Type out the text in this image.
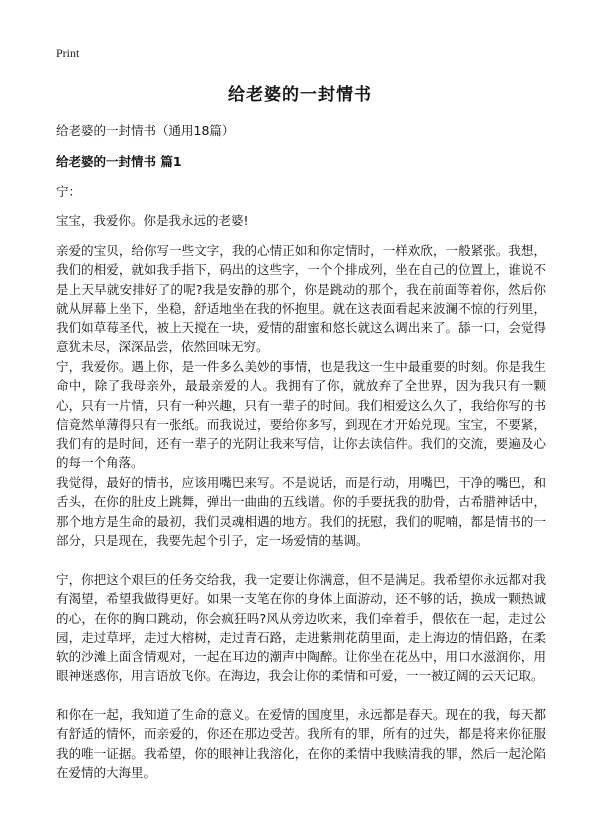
Print
给老婆的一封情书
给老婆的一封情书（通用18篇）
给老婆的一封情书 篇1
宁：
宝宝，我爱你。你是我永远的老婆!
亲爱的宝贝，给你写一些文字，我的心情正如和你定情时，一样欢欣，一般紧张。我想，我们的相爱，就如我手指下，码出的这些字，一个个排成列，坐在自己的位置上，谁说不是上天早就安排好了的呢?我是安静的那个，你是跳动的那个，我在前面等着你，然后你就从屏幕上坐下，坐稳，舒适地坐在我的怀抱里。就在这表面看起来波澜不惊的行列里，我们如草莓圣代，被上天搅在一块，爱情的甜蜜和悠长就这么调出来了。舔一口，会觉得意犹未尽，深深品尝，依然回味无穷。
宁，我爱你。遇上你，是一件多么美妙的事情，也是我这一生中最重要的时刻。你是我生命中，除了我母亲外，最最亲爱的人。我拥有了你，就放弃了全世界，因为我只有一颗心，只有一片情，只有一种兴趣，只有一辈子的时间。我们相爱这么久了，我给你写的书信竟然单薄得只有一张纸。而我说过，要给你多写，到现在才开始兑现。宝宝，不要紧，我们有的是时间，还有一辈子的光阴让我来写信，让你去读信件。我们的交流，要遍及心的每一个角落。
我觉得，最好的情书，应该用嘴巴来写。不是说话，而是行动，用嘴巴，干净的嘴巴，和舌头，在你的肚皮上跳舞，弹出一曲曲的五线谱。你的手要抚我的肋骨，古希腊神话中，那个地方是生命的最初，我们灵魂相遇的地方。我们的抚慰，我们的呢喃，都是情书的一部分，只是现在，我要先起个引子，定一场爱情的基调。
宁，你把这个艰巨的任务交给我，我一定要让你满意，但不是满足。我希望你永远都对我有渴望，希望我做得更好。如果一支笔在你的身体上面游动，还不够的话，换成一颗热诚的心，在你的胸口跳动，你会疯狂吗?风从旁边吹来，我们牵着手，偎依在一起，走过公园，走过草坪，走过大榕树，走过青石路，走进紫荆花荫里面，走上海边的情侣路，在柔软的沙滩上面含情观对，一起在耳边的潮声中陶醉。让你坐在花丛中，用口水滋润你，用眼神迷惑你，用言语放飞你。在海边，我会让你的柔情和可爱，一一被辽阔的云天记取。
和你在一起，我知道了生命的意义。在爱情的国度里，永远都是春天。现在的我，每天都有舒适的情怀，而亲爱的，你还在那边受苦。我所有的罪，所有的过失，都是将来你征服我的唯一证据。我希望，你的眼神让我溶化，在你的柔情中我赎清我的罪，然后一起沦陷在爱情的大海里。
